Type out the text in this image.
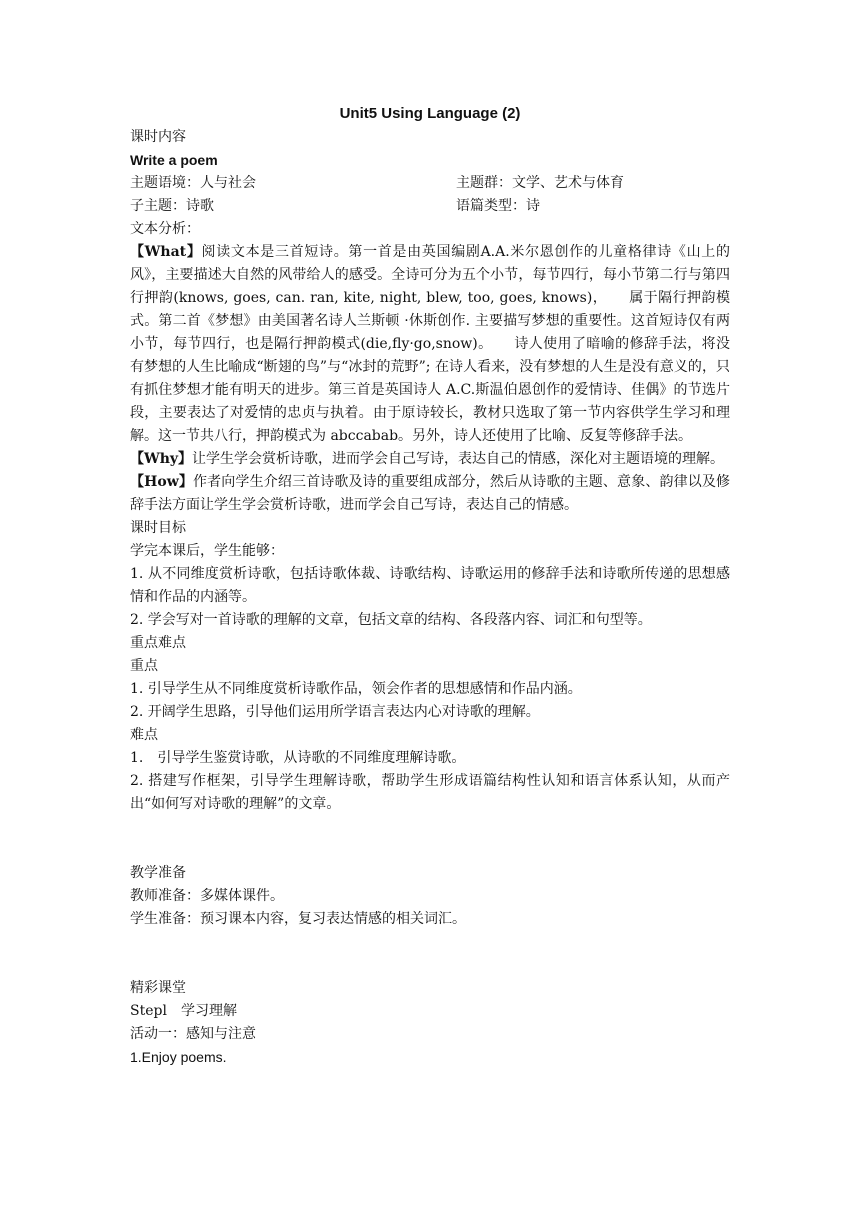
Unit5 Using Language (2)

课时内容

Write a poem

主题语境：人与社会	主题群：文学、艺术与体育
子主题：诗歌	语篇类型：诗

文本分析：

【What】阅读文本是三首短诗。第一首是由英国编剧A.A.米尔恩创作的儿童格律诗《山上的风》，主要描述大自然的风带给人的感受。全诗可分为五个小节，每节四行，每小节第二行与第四行押韵(knows, goes, can. ran, kite, night, blew, too, goes, knows)，　　属于隔行押韵模式。第二首《梦想》由美国著名诗人兰斯顿 ·休斯创作. 主要描写梦想的重要性。这首短诗仅有两小节，每节四行，也是隔行押韵模式(die,fly·go,snow)。　　诗人使用了暗喻的修辞手法，将没有梦想的人生比喻成“断翅的鸟”与“冰封的荒野”; 在诗人看来，没有梦想的人生是没有意义的，只有抓住梦想才能有明天的进步。第三首是英国诗人 A.C.斯温伯恩创作的爱情诗、佳偶》的节选片段，主要表达了对爱情的忠贞与执着。由于原诗较长，教材只选取了第一节内容供学生学习和理解。这一节共八行，押韵模式为 abccabab。另外，诗人还使用了比喻、反复等修辞手法。

【Why】让学生学会赏析诗歌，进而学会自己写诗，表达自己的情感，深化对主题语境的理解。

【How】作者向学生介绍三首诗歌及诗的重要组成部分，然后从诗歌的主题、意象、韵律以及修辞手法方面让学生学会赏析诗歌，进而学会自己写诗，表达自己的情感。

课时目标

学完本课后，学生能够：

1. 从不同维度赏析诗歌，包括诗歌体裁、诗歌结构、诗歌运用的修辞手法和诗歌所传递的思想感情和作品的内涵等。

2. 学会写对一首诗歌的理解的文章，包括文章的结构、各段落内容、词汇和句型等。

重点难点

重点

1. 引导学生从不同维度赏析诗歌作品，领会作者的思想感情和作品内涵。

2. 开阔学生思路，引导他们运用所学语言表达内心对诗歌的理解。

难点

1.　引导学生鉴赏诗歌，从诗歌的不同维度理解诗歌。

2. 搭建写作框架，引导学生理解诗歌，帮助学生形成语篇结构性认知和语言体系认知，从而产出“如何写对诗歌的理解”的文章。

教学准备

教师准备：多媒体课件。

学生准备：预习课本内容，复习表达情感的相关词汇。

精彩课堂

Stepl　学习理解

活动一：感知与注意

1.Enjoy poems.
